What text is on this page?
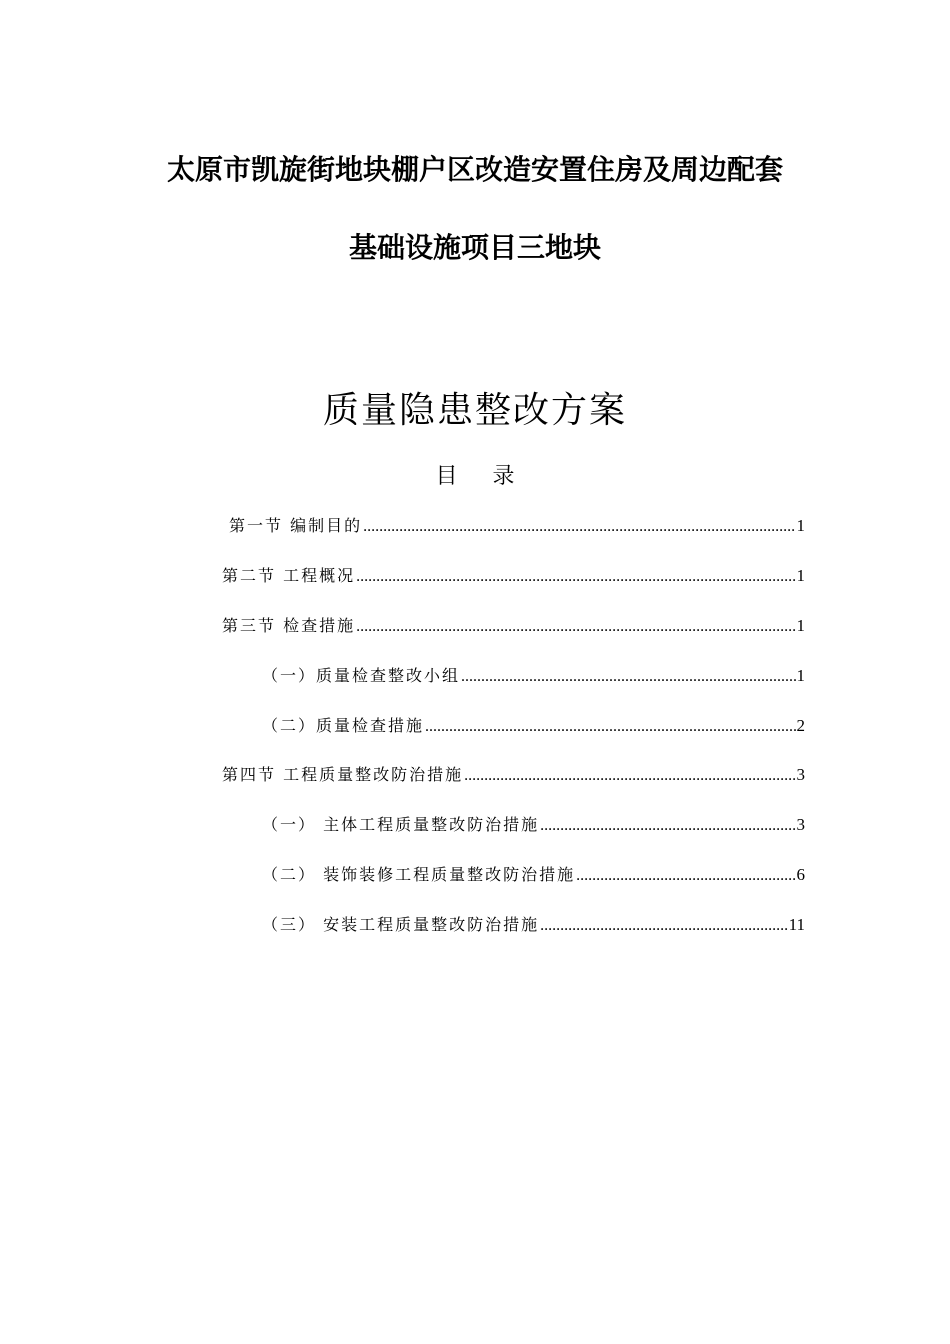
太原市凯旋街地块棚户区改造安置住房及周边配套
基础设施项目三地块
质量隐患整改方案
目 录
第一节 编制目的 .....	1
第二节 工程概况 .....	1
第三节 检查措施 .....	1
（一）质量检查整改小组 .....	1
（二）质量检查措施 .....	2
第四节 工程质量整改防治措施 .....	3
（一） 主体工程质量整改防治措施 .....	3
（二） 装饰装修工程质量整改防治措施 .....	6
（三） 安装工程质量整改防治措施 .....	11
